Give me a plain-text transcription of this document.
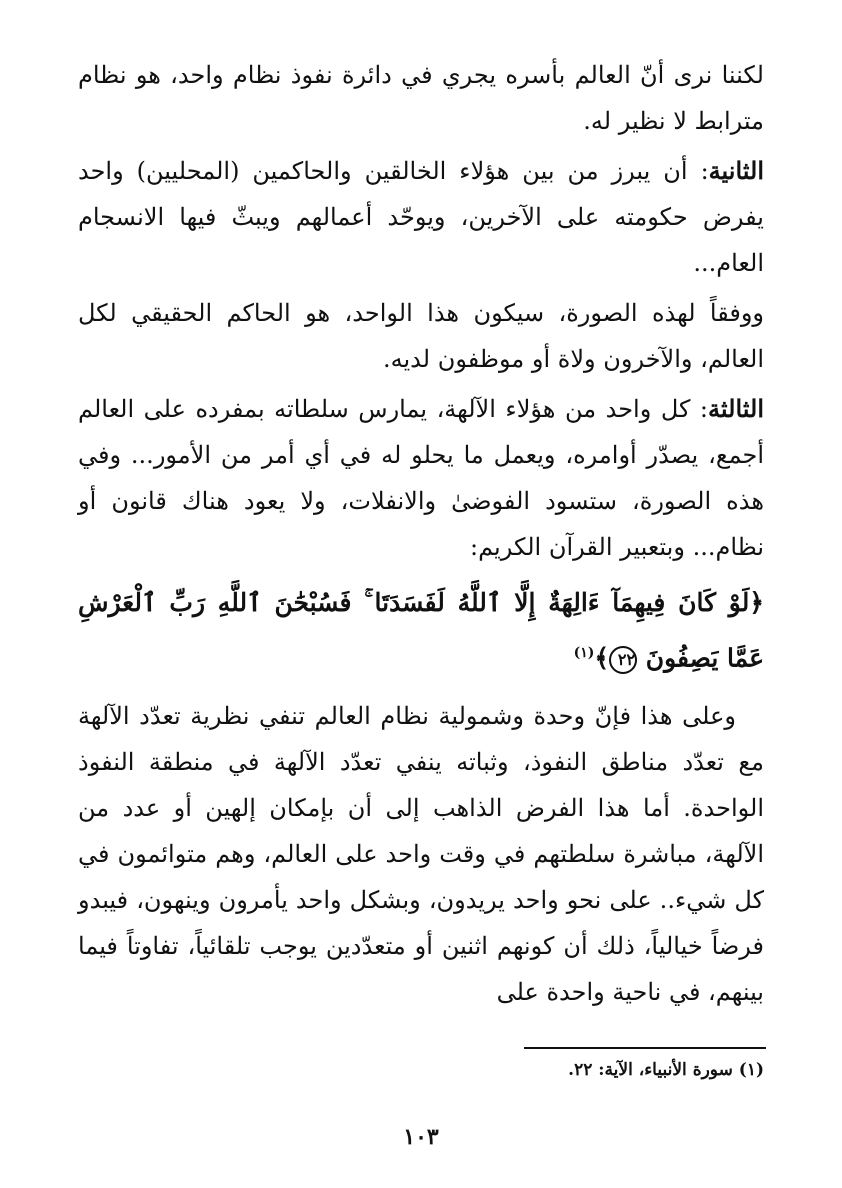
لكننا نرى أنّ العالم بأسره يجري في دائرة نفوذ نظام واحد، هو نظام مترابط لا نظير له.

الثانية: أن يبرز من بين هؤلاء الخالقين والحاكمين (المحليين) واحد يفرض حكومته على الآخرين، ويوحّد أعمالهم ويبثّ فيها الانسجام العام...

ووفقاً لهذه الصورة، سيكون هذا الواحد، هو الحاكم الحقيقي لكل العالم، والآخرون ولاة أو موظفون لديه.

الثالثة: كل واحد من هؤلاء الآلهة، يمارس سلطاته بمفرده على العالم أجمع، يصدّر أوامره، ويعمل ما يحلو له في أي أمر من الأمور... وفي هذه الصورة، ستسود الفوضىٰ والانفلات، ولا يعود هناك قانون أو نظام... وبتعبير القرآن الكريم:

﴿لَوْ كَانَ فِيهِمَآ ءَالِهَةٌ إِلَّا ٱللَّهُ لَفَسَدَتَا ۚ فَسُبْحَٰنَ ٱللَّهِ رَبِّ ٱلْعَرْشِ عَمَّا يَصِفُونَ ٢٢﴾$^{(١)}$

وعلى هذا فإنّ وحدة وشمولية نظام العالم تنفي نظرية تعدّد الآلهة مع تعدّد مناطق النفوذ، وثباته ينفي تعدّد الآلهة في منطقة النفوذ الواحدة. أما هذا الفرض الذاهب إلى أن بإمكان إلهين أو عدد من الآلهة، مباشرة سلطتهم في وقت واحد على العالم، وهم متوائمون في كل شيء.. على نحو واحد يريدون، وبشكل واحد يأمرون وينهون، فيبدو فرضاً خيالياً، ذلك أن كونهم اثنين أو متعدّدين يوجب تلقائياً، تفاوتاً فيما بينهم، في ناحية واحدة على

(١) سورة الأنبياء، الآية: ٢٢.
١٠٣
